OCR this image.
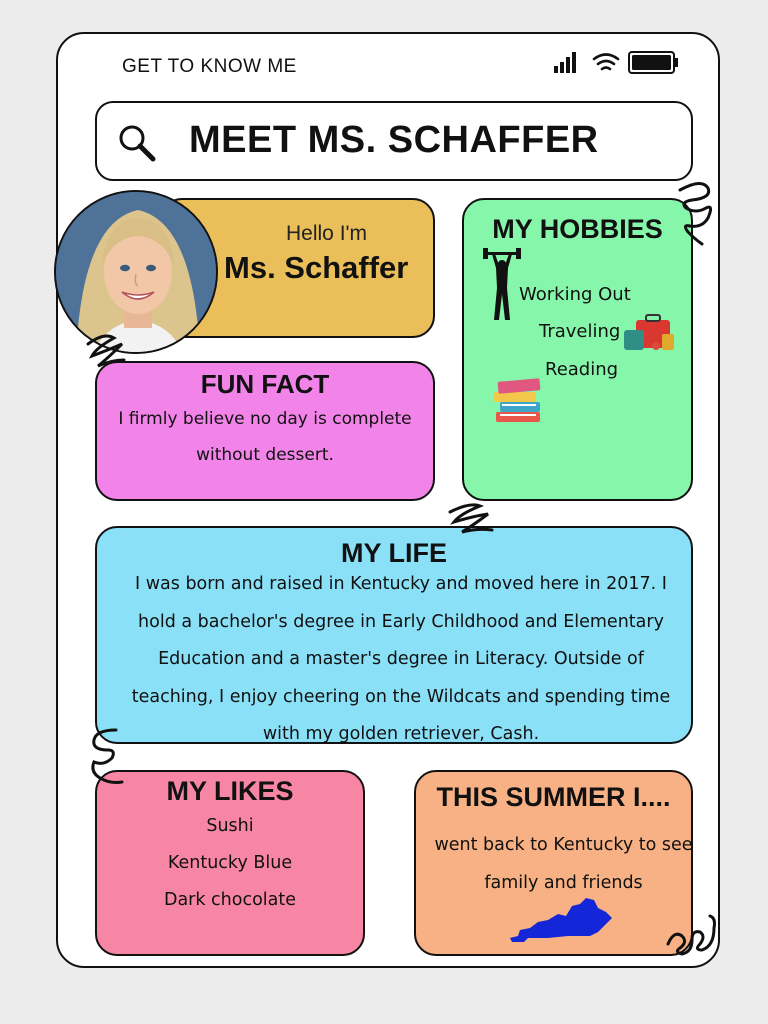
GET TO KNOW ME
MEET MS. SCHAFFER
Hello I'm
Ms. Schaffer
FUN FACT
I firmly believe no day is complete without dessert.
MY HOBBIES
Working Out
Traveling
Reading
MY LIFE
I was born and raised in Kentucky and moved here in 2017. I hold a bachelor's degree in Early Childhood and Elementary Education and a master's degree in Literacy. Outside of teaching, I enjoy cheering on the Wildcats and spending time with my golden retriever, Cash.
MY LIKES
Sushi
Kentucky Blue
Dark chocolate
THIS SUMMER I....
went back to Kentucky to see family and friends
